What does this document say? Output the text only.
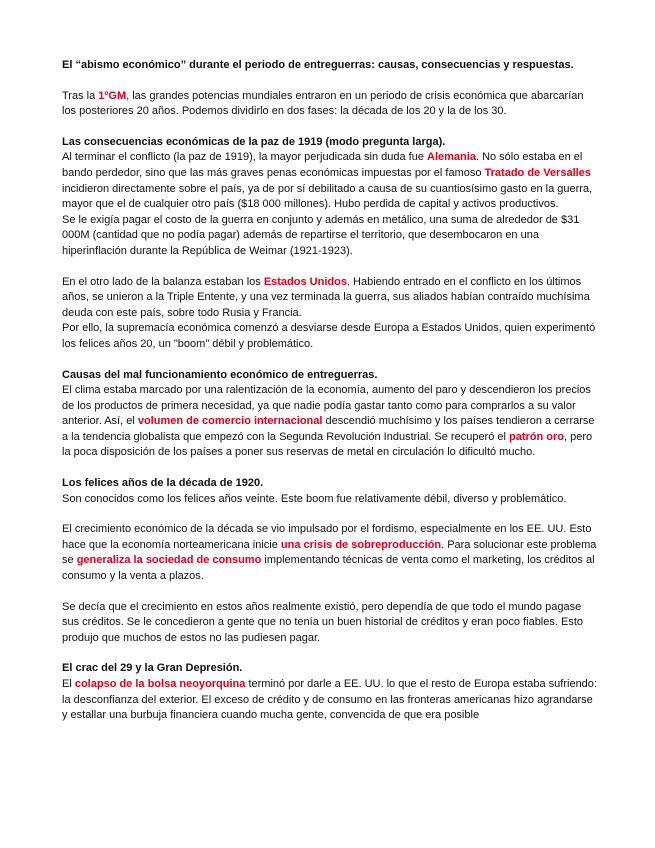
El “abismo económico” durante el periodo de entreguerras: causas, consecuencias y respuestas.

Tras la 1ºGM, las grandes potencias mundiales entraron en un periodo de crisis económica que abarcarían los posteriores 20 años. Podemos dividirlo en dos fases: la década de los 20 y la de los 30.

Las consecuencias económicas de la paz de 1919 (modo pregunta larga).

Al terminar el conflicto (la paz de 1919), la mayor perjudicada sin duda fue Alemania. No sólo estaba en el bando perdedor, sino que las más graves penas económicas impuestas por el famoso Tratado de Versalles incidieron directamente sobre el país, ya de por sí debilitado a causa de su cuantiosísimo gasto en la guerra, mayor que el de cualquier otro país ($18 000 millones). Hubo perdida de capital y activos productivos.

Se le exigía pagar el costo de la guerra en conjunto y además en metálico, una suma de alrededor de $31 000M (cantidad que no podía pagar) además de repartirse el territorio, que desembocaron en una hiperinflación durante la República de Weimar (1921-1923).

En el otro lado de la balanza estaban los Estados Unidos. Habiendo entrado en el conflicto en los últimos años, se unieron a la Triple Entente, y una vez terminada la guerra, sus aliados habían contraído muchísima deuda con este país, sobre todo Rusia y Francia.

Por ello, la supremacía económica comenzó a desviarse desde Europa a Estados Unidos, quien experimentó los felices años 20, un "boom" débil y problemático.

Causas del mal funcionamiento económico de entreguerras.

El clima estaba marcado por una ralentización de la economía, aumento del paro y descendieron los precios de los productos de primera necesidad, ya que nadie podía gastar tanto como para comprarlos a su valor anterior. Así, el volumen de comercio internacional descendió muchísimo y los países tendieron a cerrarse a la tendencia globalista que empezó con la Segunda Revolución Industrial. Se recuperó el patrón oro, pero la poca disposición de los países a poner sus reservas de metal en circulación lo dificultó mucho.

Los felices años de la década de 1920.

Son conocidos como los felices años veinte. Este boom fue relativamente débil, diverso y problemático.

El crecimiento económico de la década se vio impulsado por el fordismo, especialmente en los EE. UU. Esto hace que la economía norteamericana inicie una crisis de sobreproducción. Para solucionar este problema se generaliza la sociedad de consumo implementando técnicas de venta como el marketing, los créditos al consumo y la venta a plazos.

Se decía que el crecimiento en estos años realmente existió, pero dependía de que todo el mundo pagase sus créditos. Se le concedieron a gente que no tenía un buen historial de créditos y eran poco fiables. Esto produjo que muchos de estos no las pudiesen pagar.

El crac del 29 y la Gran Depresión.

El colapso de la bolsa neoyorquina terminó por darle a EE. UU. lo que el resto de Europa estaba sufriendo: la desconfianza del exterior. El exceso de crédito y de consumo en las fronteras americanas hizo agrandarse y estallar una burbuja financiera cuando mucha gente, convencida de que era posible
